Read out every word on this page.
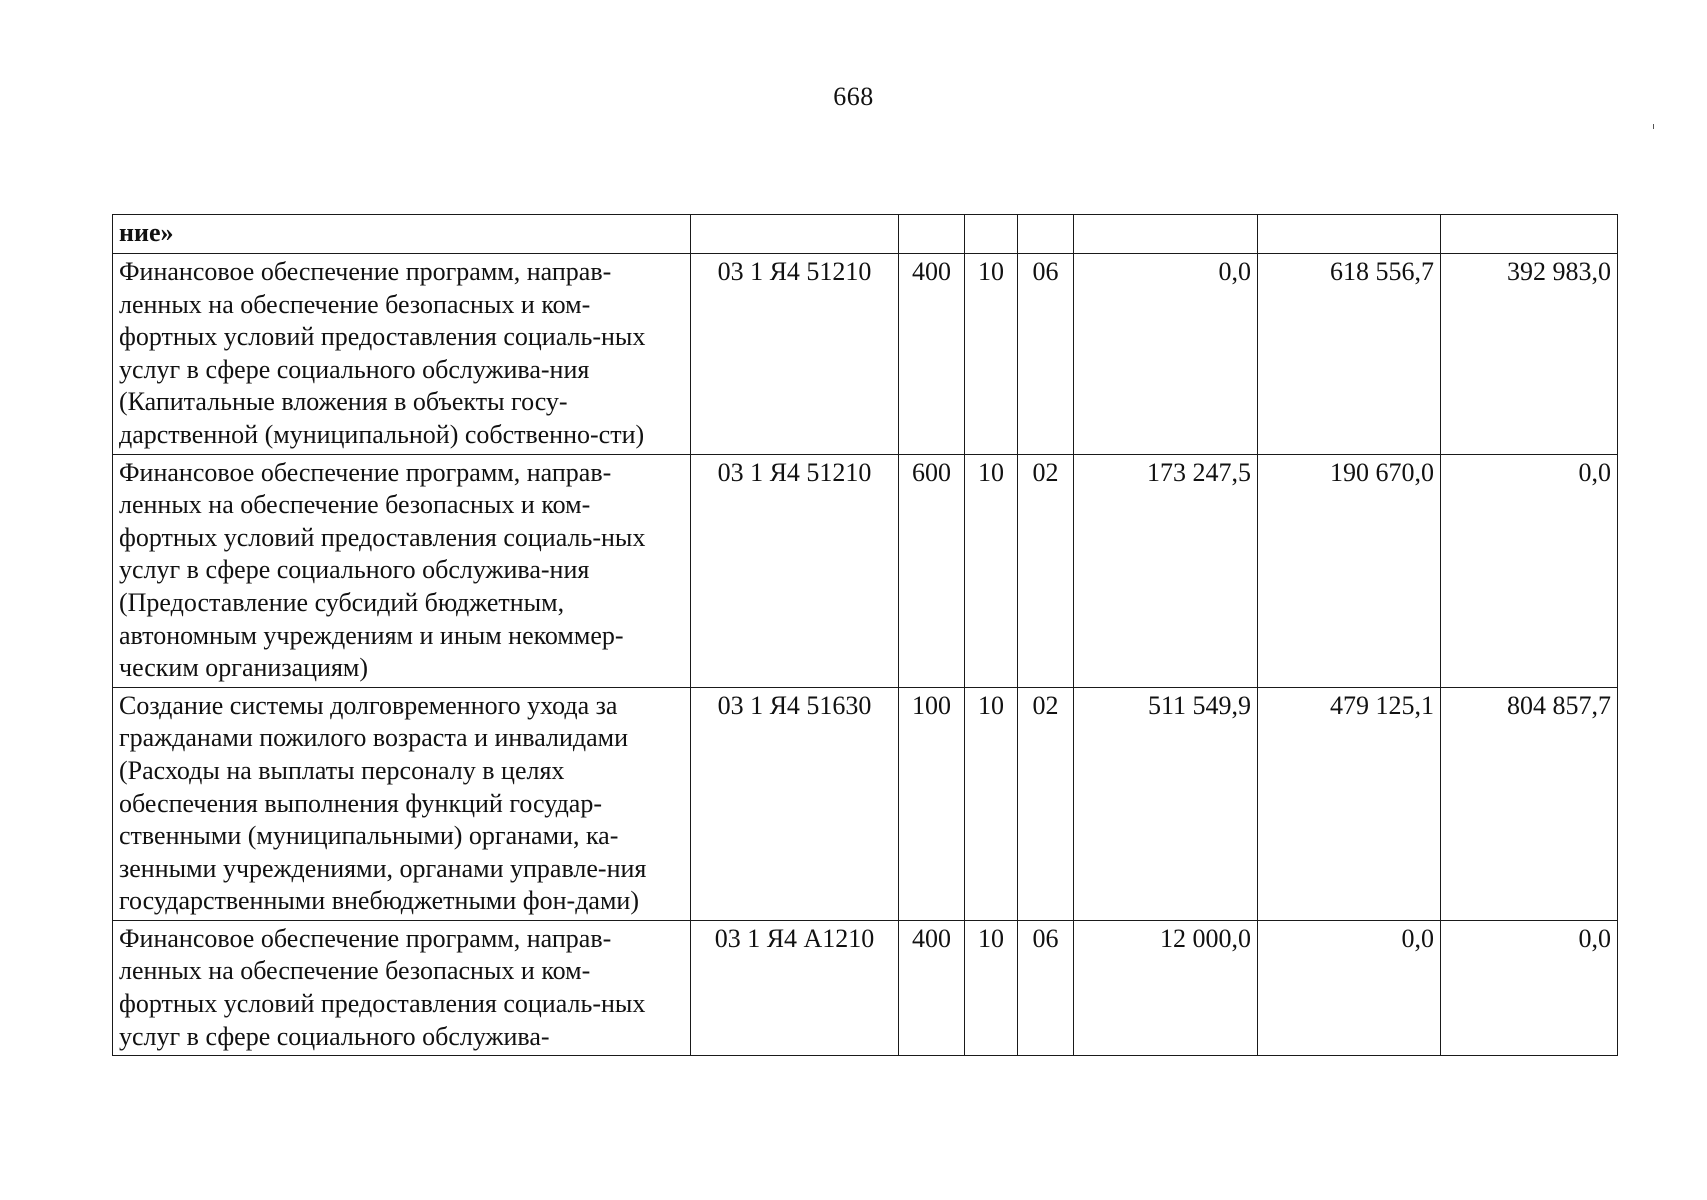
668
ние»							
Финансовое обеспечение программ, направ-ленных на обеспечение безопасных и ком-фортных условий предоставления социаль-ных услуг в сфере социального обслужива-ния (Капитальные вложения в объекты госу-дарственной (муниципальной) собственно-сти)	03 1 Я4 51210	400	10	06	0,0	618 556,7	392 983,0
Финансовое обеспечение программ, направ-ленных на обеспечение безопасных и ком-фортных условий предоставления социаль-ных услуг в сфере социального обслужива-ния (Предоставление субсидий бюджетным, автономным учреждениям и иным некоммер-ческим организациям)	03 1 Я4 51210	600	10	02	173 247,5	190 670,0	0,0
Создание системы долговременного ухода за гражданами пожилого возраста и инвалидами (Расходы на выплаты персоналу в целях обеспечения выполнения функций государ-ственными (муниципальными) органами, ка-зенными учреждениями, органами управле-ния государственными внебюджетными фон-дами)	03 1 Я4 51630	100	10	02	511 549,9	479 125,1	804 857,7
Финансовое обеспечение программ, направ-ленных на обеспечение безопасных и ком-фортных условий предоставления социаль-ных услуг в сфере социального обслужива-	03 1 Я4 А1210	400	10	06	12 000,0	0,0	0,0
